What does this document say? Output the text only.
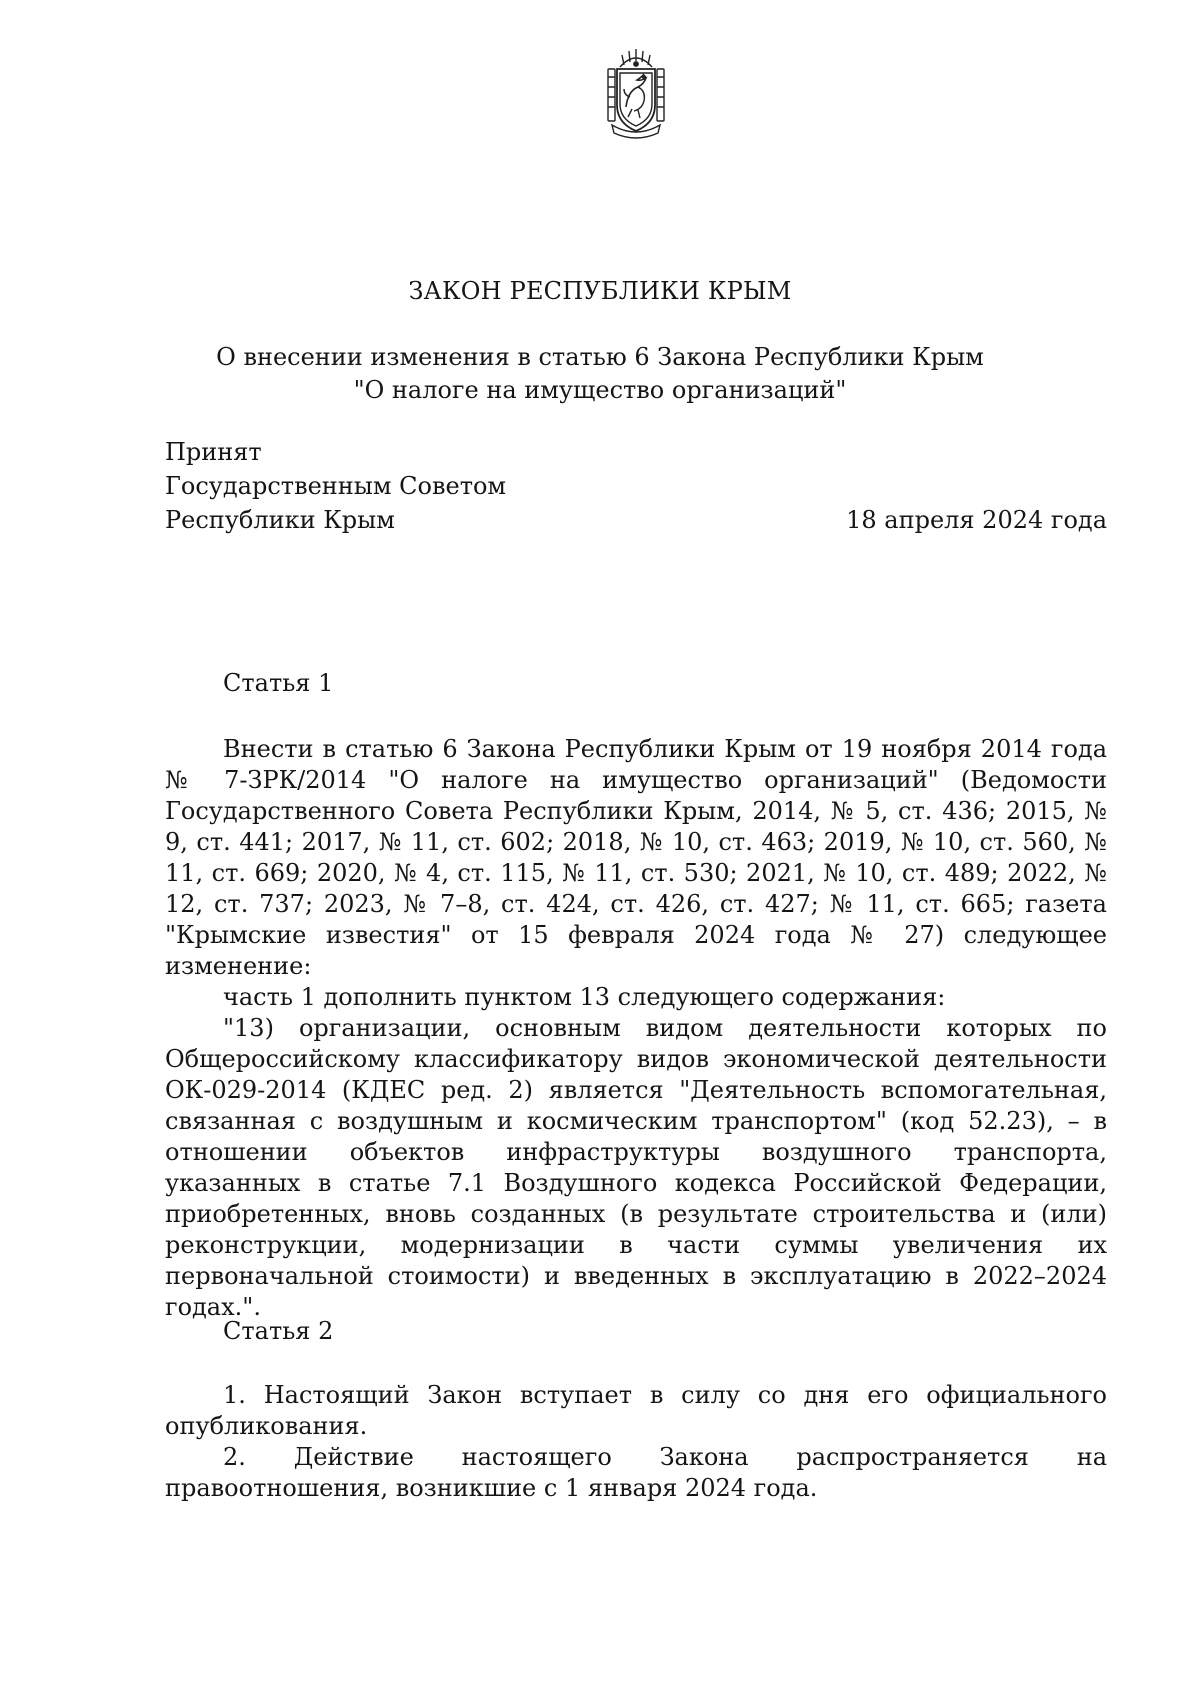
ЗАКОН РЕСПУБЛИКИ КРЫМ
О внесении изменения в статью 6 Закона Республики Крым
"О налоге на имущество организаций"
Принят
Государственным Советом
Республики Крым	18 апреля 2024 года
Статья 1

Внести в статью 6 Закона Республики Крым от 19 ноября 2014 года № 7-ЗРК/2014 "О налоге на имущество организаций" (Ведомости Государственного Совета Республики Крым, 2014, № 5, ст. 436; 2015, № 9, ст. 441; 2017, № 11, ст. 602; 2018, № 10, ст. 463; 2019, № 10, ст. 560, № 11, ст. 669; 2020, № 4, ст. 115, № 11, ст. 530; 2021, № 10, ст. 489; 2022, № 12, ст. 737; 2023, № 7–8, ст. 424, ст. 426, ст. 427; № 11, ст. 665; газета "Крымские известия" от 15 февраля 2024 года № 27) следующее изменение:

часть 1 дополнить пунктом 13 следующего содержания:

"13) организации, основным видом деятельности которых по Общероссийскому классификатору видов экономической деятельности ОК-029-2014 (КДЕС ред. 2) является "Деятельность вспомогательная, связанная с воздушным и космическим транспортом" (код 52.23), – в отношении объектов инфраструктуры воздушного транспорта, указанных в статье 7.1 Воздушного кодекса Российской Федерации, приобретенных, вновь созданных (в результате строительства и (или) реконструкции, модернизации в части суммы увеличения их первоначальной стоимости) и введенных в эксплуатацию в 2022–2024 годах.".

Статья 2

1. Настоящий Закон вступает в силу со дня его официального опубликования.

2. Действие настоящего Закона распространяется на правоотношения, возникшие с 1 января 2024 года.
